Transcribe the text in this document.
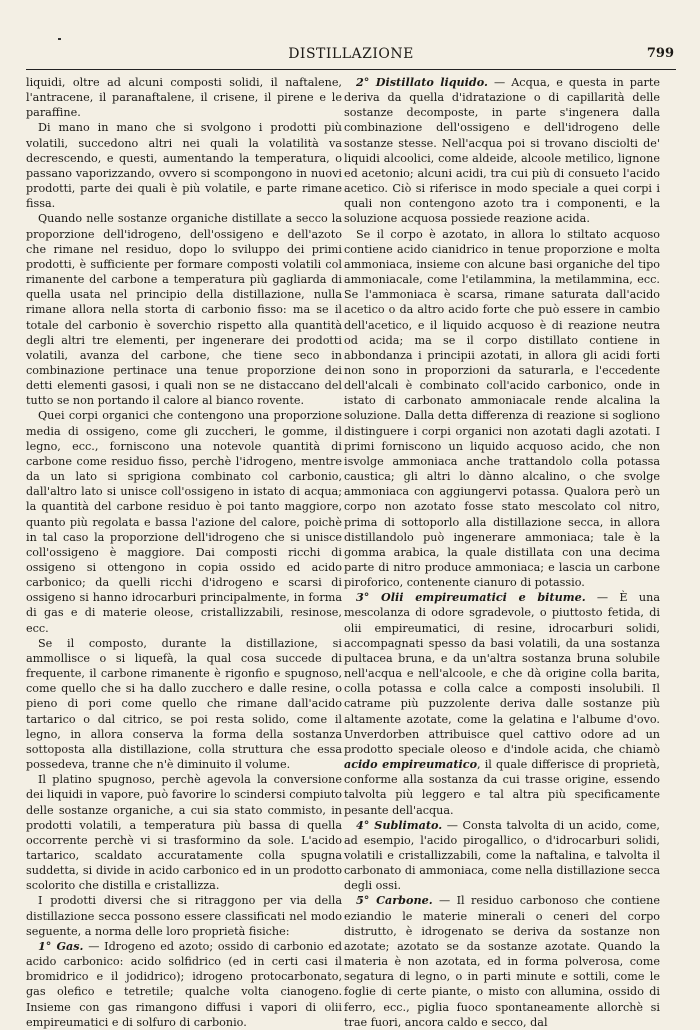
DISTILLAZIONE	799

liquidi, oltre ad alcuni composti solidi, il naftalene, l'antracene, il paranaftalene, il crisene, il pirene e le paraffine.

Di mano in mano che si svolgono i prodotti più volatili, succedono altri nei quali la volatilità va decrescendo, e questi, aumentando la temperatura, o passano vaporizzando, ovvero si scompongono in nuovi prodotti, parte dei quali è più volatile, e parte rimane fissa.

Quando nelle sostanze organiche distillate a secco la proporzione dell'idrogeno, dell'ossigeno e dell'azoto che rimane nel residuo, dopo lo sviluppo dei primi prodotti, è sufficiente per formare composti volatili col rimanente del carbone a temperatura più gagliarda di quella usata nel principio della distillazione, nulla rimane allora nella storta di carbonio fisso: ma se il totale del carbonio è soverchio rispetto alla quantità degli altri tre elementi, per ingenerare dei prodotti volatili, avanza del carbone, che tiene seco in combinazione pertinace una tenue proporzione dei detti elementi gasosi, i quali non se ne distaccano del tutto se non portando il calore al bianco rovente.

Quei corpi organici che contengono una proporzione media di ossigeno, come gli zuccheri, le gomme, il legno, ecc., forniscono una notevole quantità di carbone come residuo fisso, perchè l'idrogeno, mentre da un lato si sprigiona combinato col carbonio, dall'altro lato si unisce coll'ossigeno in istato di acqua; la quantità del carbone residuo è poi tanto maggiore, quanto più regolata e bassa l'azione del calore, poichè in tal caso la proporzione dell'idrogeno che si unisce coll'ossigeno è maggiore. Dai composti ricchi di ossigeno si ottengono in copia ossido ed acido carbonico; da quelli ricchi d'idrogeno e scarsi di ossigeno si hanno idrocarburi principalmente, in forma di gas e di materie oleose, cristallizzabili, resinose, ecc.

Se il composto, durante la distillazione, si ammollisce o si liquefà, la qual cosa succede di frequente, il carbone rimanente è rigonfio e spugnoso, come quello che si ha dallo zucchero e dalle resine, o pieno di pori come quello che rimane dall'acido tartarico o dal citrico, se poi resta solido, come il legno, in allora conserva la forma della sostanza sottoposta alla distillazione, colla struttura che essa possedeva, tranne che n'è diminuito il volume.

Il platino spugnoso, perchè agevola la conversione dei liquidi in vapore, può favorire lo scindersi compiuto delle sostanze organiche, a cui sia stato commisto, in prodotti volatili, a temperatura più bassa di quella occorrente perchè vi si trasformino da sole. L'acido tartarico, scaldato accuratamente colla spugna suddetta, si divide in acido carbonico ed in un prodotto scolorito che distilla e cristallizza.

I prodotti diversi che si ritraggono per via della distillazione secca possono essere classificati nel modo seguente, a norma delle loro proprietà fisiche:

1° Gas. — Idrogeno ed azoto; ossido di carbonio ed acido carbonico: acido solfidrico (ed in certi casi il bromidrico e il jodidrico); idrogeno protocarbonato, gas olefico e tetretile; qualche volta cianogeno. Insieme con gas rimangono diffusi i vapori di olii empireumatici e di solfuro di carbonio.

2° Distillato liquido. — Acqua, e questa in parte deriva da quella d'idratazione o di capillarità delle sostanze decomposte, in parte s'ingenera dalla combinazione dell'ossigeno e dell'idrogeno delle sostanze stesse. Nell'acqua poi si trovano disciolti de' liquidi alcoolici, come aldeide, alcoole metilico, lignone ed acetonio; alcuni acidi, tra cui più di consueto l'acido acetico. Ciò si riferisce in modo speciale a quei corpi i quali non contengono azoto tra i componenti, e la soluzione acquosa possiede reazione acida.

Se il corpo è azotato, in allora lo stiltato acquoso contiene acido cianidrico in tenue proporzione e molta ammoniaca, insieme con alcune basi organiche del tipo ammoniacale, come l'etilammina, la metilammina, ecc. Se l'ammoniaca è scarsa, rimane saturata dall'acido acetico o da altro acido forte che può essere in cambio dell'acetico, e il liquido acquoso è di reazione neutra od acida; ma se il corpo distillato contiene in abbondanza i principii azotati, in allora gli acidi forti non sono in proporzioni da saturarla, e l'eccedente dell'alcali è combinato coll'acido carbonico, onde in istato di carbonato ammoniacale rende alcalina la soluzione. Dalla detta differenza di reazione si sogliono distinguere i corpi organici non azotati dagli azotati. I primi forniscono un liquido acquoso acido, che non isvolge ammoniaca anche trattandolo colla potassa caustica; gli altri lo dànno alcalino, o che svolge ammoniaca con aggiungervi potassa. Qualora però un corpo non azotato fosse stato mescolato col nitro, prima di sottoporlo alla distillazione secca, in allora distillandolo può ingenerare ammoniaca; tale è la gomma arabica, la quale distillata con una decima parte di nitro produce ammoniaca; e lascia un carbone piroforico, contenente cianuro di potassio.

3° Olii empireumatici e bitume. — È una mescolanza di odore sgradevole, o piuttosto fetida, di olii empireumatici, di resine, idrocarburi solidi, accompagnati spesso da basi volatili, da una sostanza pultacea bruna, e da un'altra sostanza bruna solubile nell'acqua e nell'alcoole, e che dà origine colla barita, colla potassa e colla calce a composti insolubili. Il catrame più puzzolente deriva dalle sostanze più altamente azotate, come la gelatina e l'albume d'ovo. Unverdorben attribuisce quel cattivo odore ad un prodotto speciale oleoso e d'indole acida, che chiamò acido empireumatico, il quale differisce di proprietà, conforme alla sostanza da cui trasse origine, essendo talvolta più leggero e tal altra più specificamente pesante dell'acqua.

4° Sublimato. — Consta talvolta di un acido, come, ad esempio, l'acido pirogallico, o d'idrocarburi solidi, volatili e cristallizzabili, come la naftalina, e talvolta il carbonato di ammoniaca, come nella distillazione secca degli ossi.

5° Carbone. — Il residuo carbonoso che contiene eziandio le materie minerali o ceneri del corpo distrutto, è idrogenato se deriva da sostanze non azotate; azotato se da sostanze azotate. Quando la materia è non azotata, ed in forma polverosa, come segatura di legno, o in parti minute e sottili, come le foglie di certe piante, o misto con allumina, ossido di ferro, ecc., piglia fuoco spontaneamente allorchè si trae fuori, ancora caldo e secco, dal
